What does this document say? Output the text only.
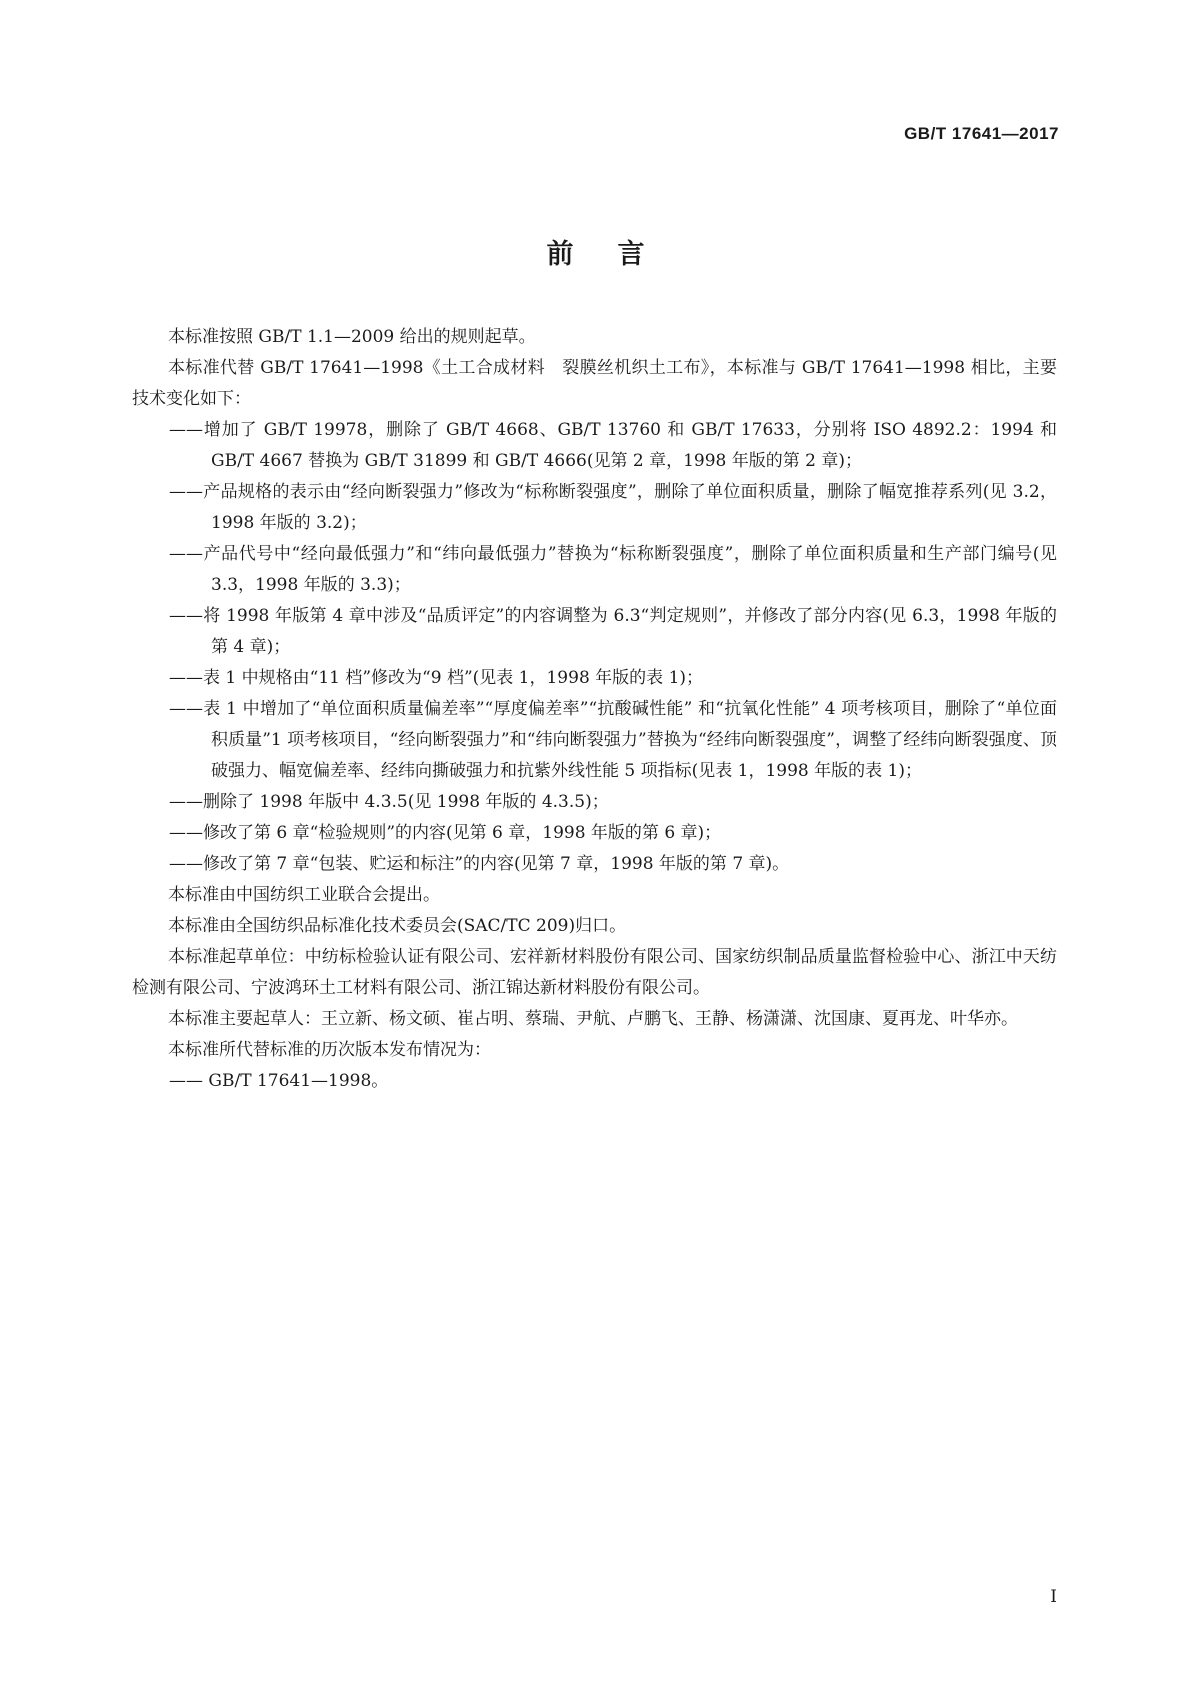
GB/T 17641—2017
前 言

本标准按照 GB/T 1.1—2009 给出的规则起草。

本标准代替 GB/T 17641—1998《土工合成材料　裂膜丝机织土工布》，本标准与 GB/T 17641—1998 相比，主要技术变化如下：

——增加了 GB/T 19978，删除了 GB/T 4668、GB/T 13760 和 GB/T 17633，分别将 ISO 4892.2：1994 和 GB/T 4667 替换为 GB/T 31899 和 GB/T 4666(见第 2 章，1998 年版的第 2 章)；

——产品规格的表示由“经向断裂强力”修改为“标称断裂强度”，删除了单位面积质量，删除了幅宽推荐系列(见 3.2，1998 年版的 3.2)；

——产品代号中“经向最低强力”和“纬向最低强力”替换为“标称断裂强度”，删除了单位面积质量和生产部门编号(见 3.3，1998 年版的 3.3)；

——将 1998 年版第 4 章中涉及“品质评定”的内容调整为 6.3“判定规则”，并修改了部分内容(见 6.3，1998 年版的第 4 章)；

——表 1 中规格由“11 档”修改为“9 档”(见表 1，1998 年版的表 1)；

——表 1 中增加了“单位面积质量偏差率”“厚度偏差率”“抗酸碱性能” 和“抗氧化性能” 4 项考核项目，删除了“单位面积质量”1 项考核项目，“经向断裂强力”和“纬向断裂强力”替换为“经纬向断裂强度”，调整了经纬向断裂强度、顶破强力、幅宽偏差率、经纬向撕破强力和抗紫外线性能 5 项指标(见表 1，1998 年版的表 1)；

——删除了 1998 年版中 4.3.5(见 1998 年版的 4.3.5)；

——修改了第 6 章“检验规则”的内容(见第 6 章，1998 年版的第 6 章)；

——修改了第 7 章“包装、贮运和标注”的内容(见第 7 章，1998 年版的第 7 章)。

本标准由中国纺织工业联合会提出。

本标准由全国纺织品标准化技术委员会(SAC/TC 209)归口。

本标准起草单位：中纺标检验认证有限公司、宏祥新材料股份有限公司、国家纺织制品质量监督检验中心、浙江中天纺检测有限公司、宁波鸿环土工材料有限公司、浙江锦达新材料股份有限公司。

本标准主要起草人：王立新、杨文硕、崔占明、蔡瑞、尹航、卢鹏飞、王静、杨潇潇、沈国康、夏再龙、叶华亦。

本标准所代替标准的历次版本发布情况为：

—— GB/T 17641—1998。

I
